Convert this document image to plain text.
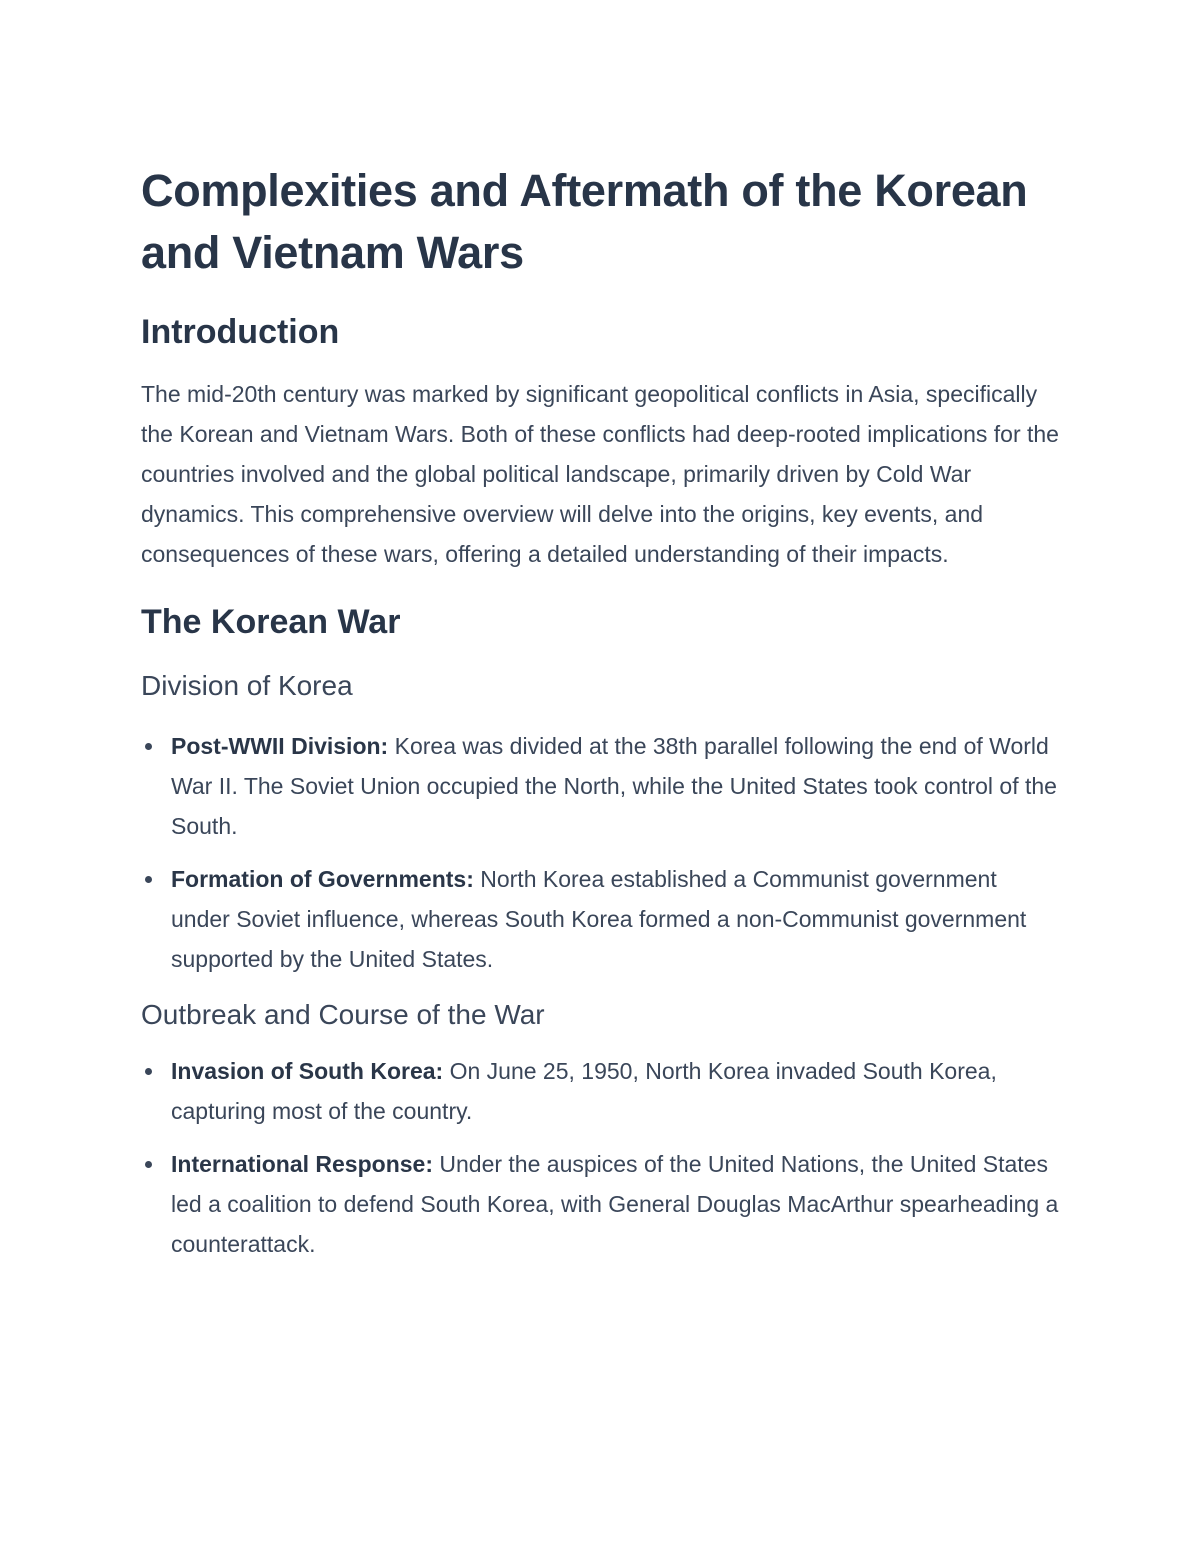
Complexities and Aftermath of the Korean and Vietnam Wars
Introduction

The mid-20th century was marked by significant geopolitical conflicts in Asia, specifically the Korean and Vietnam Wars. Both of these conflicts had deep-rooted implications for the countries involved and the global political landscape, primarily driven by Cold War dynamics. This comprehensive overview will delve into the origins, key events, and consequences of these wars, offering a detailed understanding of their impacts.

The Korean War
Division of Korea
Post-WWII Division: Korea was divided at the 38th parallel following the end of World War II. The Soviet Union occupied the North, while the United States took control of the South.
Formation of Governments: North Korea established a Communist government under Soviet influence, whereas South Korea formed a non-Communist government supported by the United States.
Outbreak and Course of the War
Invasion of South Korea: On June 25, 1950, North Korea invaded South Korea, capturing most of the country.
International Response: Under the auspices of the United Nations, the United States led a coalition to defend South Korea, with General Douglas MacArthur spearheading a counterattack.
